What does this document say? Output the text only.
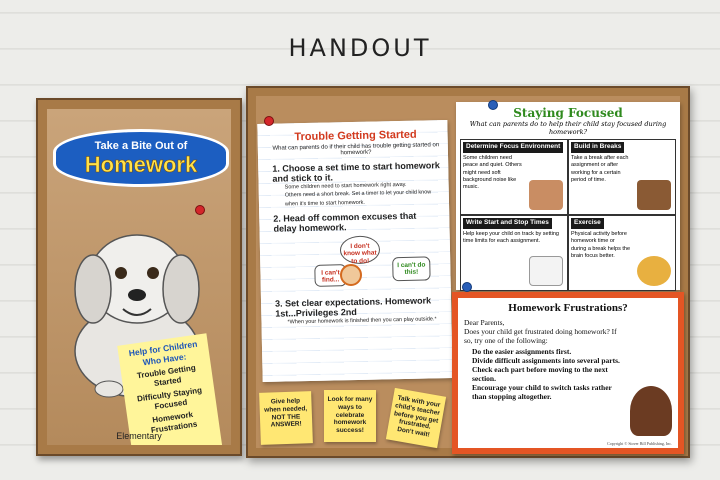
HANDOUT
Take a Bite Out of
Homework
Help for Children Who Have:
Trouble Getting Started
Difficulty Staying Focused
Homework Frustrations
Elementary
Trouble Getting Started
What can parents do if their child has trouble getting started on homework?
1. Choose a set time to start homework and stick to it.
Some children need to start homework right away.
Others need a short break. Set a timer to let your child know when it's time to start homework.
2. Head off common excuses that delay homework.
I don't know what to do!
I can't find...
I can't do this!
3. Set clear expectations. Homework 1st...Privileges 2nd
*When your homework is finished then you can play outside.*
Give help when needed, NOT THE ANSWER!
Look for many ways to celebrate homework success!
Talk with your child's teacher before you get frustrated. Don't wait!
Staying Focused
What can parents do to help their child stay focused during homework?
Determine Focus Environment
Some children need peace and quiet. Others might need soft background noise like music.
Build in Breaks
Take a break after each assignment or after working for a certain period of time.
Write Start and Stop Times
Help keep your child on track by setting time limits for each assignment.
Exercise
Physical activity before homework time or during a break helps the brain focus better.
Homework Frustrations?
Dear Parents,
Does your child get frustrated doing homework? If so, try one of the following:
Do the easier assignments first.
Divide difficult assignments into several parts. Check each part before moving to the next section.
Encourage your child to switch tasks rather than stopping altogether.
Copyright © Stover Bill Publishing, Inc.
